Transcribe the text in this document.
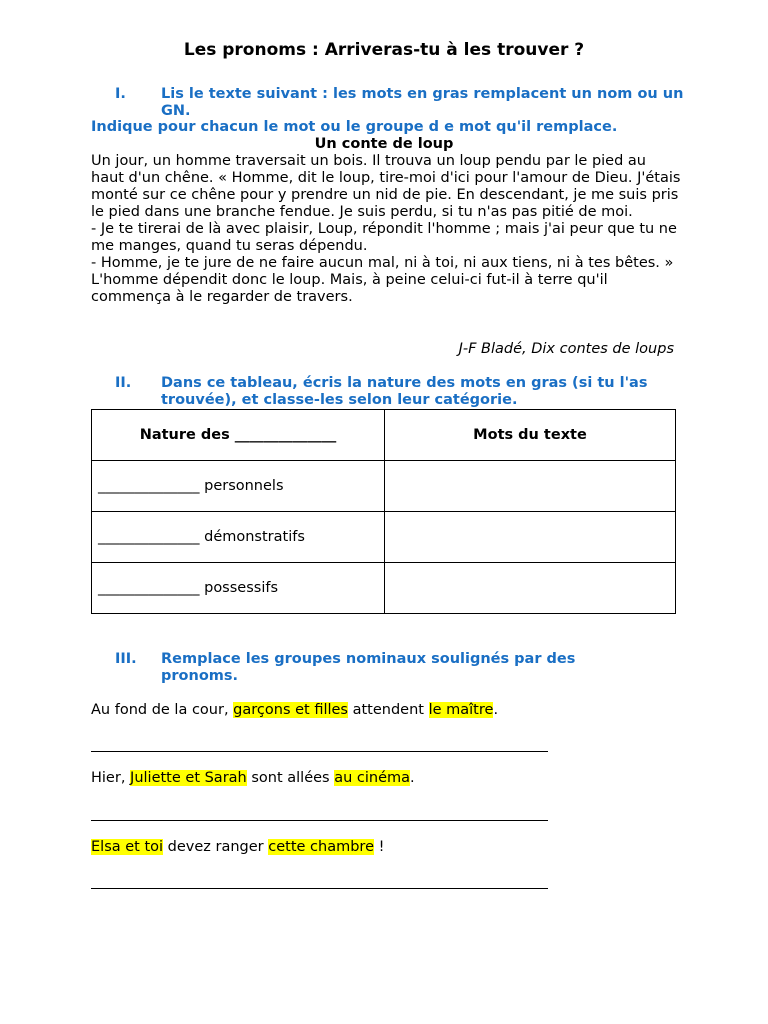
Les pronoms : Arriveras-tu à les trouver ?
I. Lis le texte suivant : les mots en gras remplacent un nom ou un GN.
Indique pour chacun le mot ou le groupe d e mot qu'il remplace.
Un conte de loup

Un jour, un homme traversait un bois. Il trouva un loup pendu par le pied au haut d'un chêne. « Homme, dit le loup, tire-moi d'ici pour l'amour de Dieu. J'étais monté sur ce chêne pour y prendre un nid de pie. En descendant, je me suis pris le pied dans une branche fendue. Je suis perdu, si tu n'as pas pitié de moi.

- Je te tirerai de là avec plaisir, Loup, répondit l'homme ; mais j'ai peur que tu ne me manges, quand tu seras dépendu.

- Homme, je te jure de ne faire aucun mal, ni à toi, ni aux tiens, ni à tes bêtes. »

L'homme dépendit donc le loup. Mais, à peine celui-ci fut-il à terre qu'il commença à le regarder de travers.

J-F Bladé, Dix contes de loups
II. Dans ce tableau, écris la nature des mots en gras (si tu l'as trouvée), et classe-les selon leur catégorie.
Nature des ______________	Mots du texte
______________ personnels	
______________ démonstratifs	
______________ possessifs	
III. Remplace les groupes nominaux soulignés par des pronoms.
Au fond de la cour, garçons et filles attendent le maître.
Hier, Juliette et Sarah sont allées au cinéma.
Elsa et toi devez ranger cette chambre !
